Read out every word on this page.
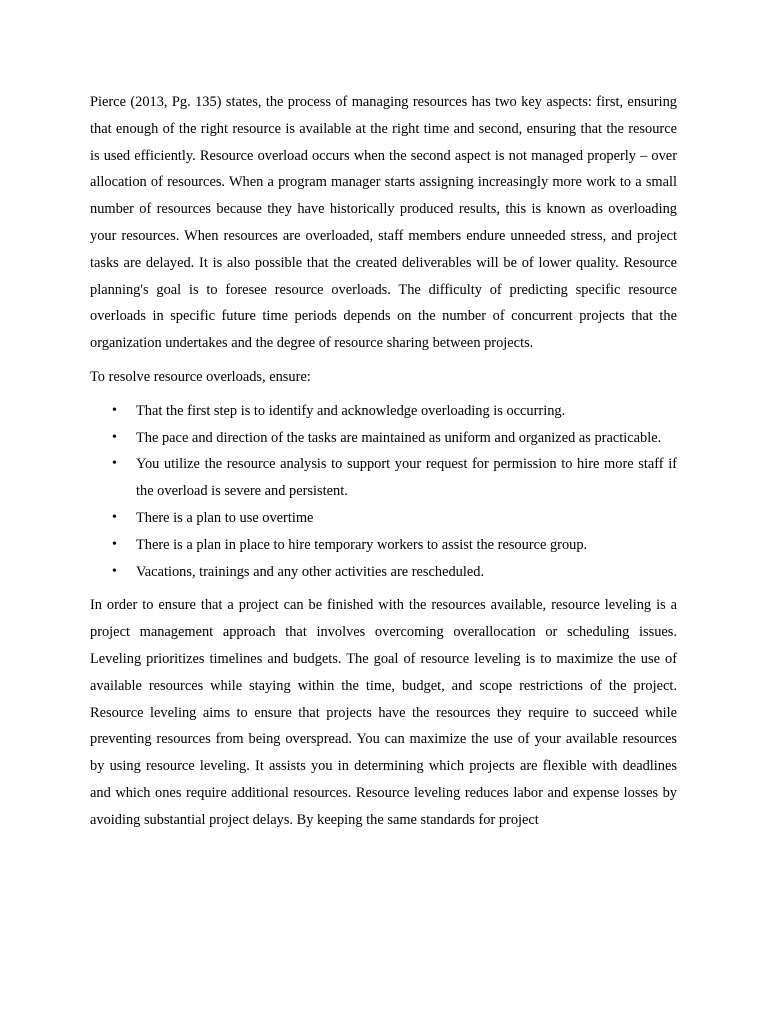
Pierce (2013, Pg. 135) states, the process of managing resources has two key aspects: first, ensuring that enough of the right resource is available at the right time and second, ensuring that the resource is used efficiently. Resource overload occurs when the second aspect is not managed properly – over allocation of resources. When a program manager starts assigning increasingly more work to a small number of resources because they have historically produced results, this is known as overloading your resources. When resources are overloaded, staff members endure unneeded stress, and project tasks are delayed. It is also possible that the created deliverables will be of lower quality. Resource planning's goal is to foresee resource overloads. The difficulty of predicting specific resource overloads in specific future time periods depends on the number of concurrent projects that the organization undertakes and the degree of resource sharing between projects.

To resolve resource overloads, ensure:

• That the first step is to identify and acknowledge overloading is occurring.
• The pace and direction of the tasks are maintained as uniform and organized as practicable.
• You utilize the resource analysis to support your request for permission to hire more staff if the overload is severe and persistent.
• There is a plan to use overtime
• There is a plan in place to hire temporary workers to assist the resource group.
• Vacations, trainings and any other activities are rescheduled.

In order to ensure that a project can be finished with the resources available, resource leveling is a project management approach that involves overcoming overallocation or scheduling issues. Leveling prioritizes timelines and budgets. The goal of resource leveling is to maximize the use of available resources while staying within the time, budget, and scope restrictions of the project. Resource leveling aims to ensure that projects have the resources they require to succeed while preventing resources from being overspread. You can maximize the use of your available resources by using resource leveling. It assists you in determining which projects are flexible with deadlines and which ones require additional resources. Resource leveling reduces labor and expense losses by avoiding substantial project delays. By keeping the same standards for project
